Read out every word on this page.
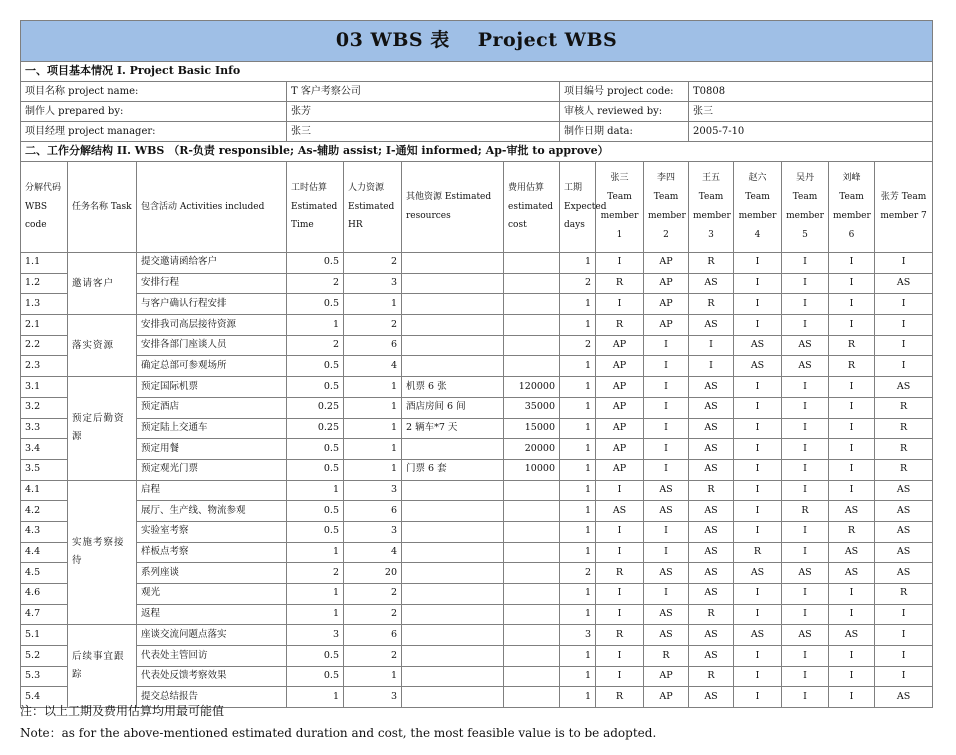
03 WBS 表 Project WBS														
一、项目基本情况 I. Project Basic Info														
项目名称 project name:			T 客户考察公司				项目编号 project code:			T0808				
制作人 prepared by:			张芳				审核人 reviewed by:			张三				
项目经理 project manager:			张三				制作日期 data:			2005-7-10				
二、工作分解结构 II. WBS （R-负责 responsible; As-辅助 assist; I-通知 informed; Ap-审批 to approve）														
分解代码 WBS code	任务名称 Task	包含活动 Activities included	工时估算 Estimated Time	人力资源 Estimated HR	其他资源 Estimated resources	费用估算 estimated cost	工期 Expected days	张三 Team member 1	李四 Team member 2	王五 Team member 3	赵六 Team member 4	吴丹 Team member 5	刘峰 Team member 6	张芳 Team member 7
1.1	邀请客户	提交邀请函给客户	0.5	2			1	I	AP	R	I	I	I	I
1.2		安排行程	2	3			2	R	AP	AS	I	I	I	AS
1.3		与客户确认行程安排	0.5	1			1	I	AP	R	I	I	I	I
2.1	落实资源	安排我司高层接待资源	1	2			1	R	AP	AS	I	I	I	I
2.2		安排各部门座谈人员	2	6			2	AP	I	I	AS	AS	R	I
2.3		确定总部可参观场所	0.5	4			1	AP	I	I	AS	AS	R	I
3.1	预定后勤资源	预定国际机票	0.5	1	机票 6 张	120000	1	AP	I	AS	I	I	I	AS
3.2		预定酒店	0.25	1	酒店房间 6 间	35000	1	AP	I	AS	I	I	I	R
3.3		预定陆上交通车	0.25	1	2 辆车*7 天	15000	1	AP	I	AS	I	I	I	R
3.4		预定用餐	0.5	1		20000	1	AP	I	AS	I	I	I	R
3.5		预定观光门票	0.5	1	门票 6 套	10000	1	AP	I	AS	I	I	I	R
4.1	实施考察接待	启程	1	3			1	I	AS	R	I	I	I	AS
4.2		展厅、生产线、物流参观	0.5	6			1	AS	AS	AS	I	R	AS	AS
4.3		实验室考察	0.5	3			1	I	I	AS	I	I	R	AS
4.4		样板点考察	1	4			1	I	I	AS	R	I	AS	AS
4.5		系列座谈	2	20			2	R	AS	AS	AS	AS	AS	AS
4.6		观光	1	2			1	I	I	AS	I	I	I	R
4.7		返程	1	2			1	I	AS	R	I	I	I	I
5.1	后续事宜跟踪	座谈交流问题点落实	3	6			3	R	AS	AS	AS	AS	AS	I
5.2		代表处主管回访	0.5	2			1	I	R	AS	I	I	I	I
5.3		代表处反馈考察效果	0.5	1			1	I	AP	R	I	I	I	I
5.4		提交总结报告	1	3			1	R	AP	AS	I	I	I	AS
注：以上工期及费用估算均用最可能值
Note：as for the above-mentioned estimated duration and cost, the most feasible value is to be adopted.
